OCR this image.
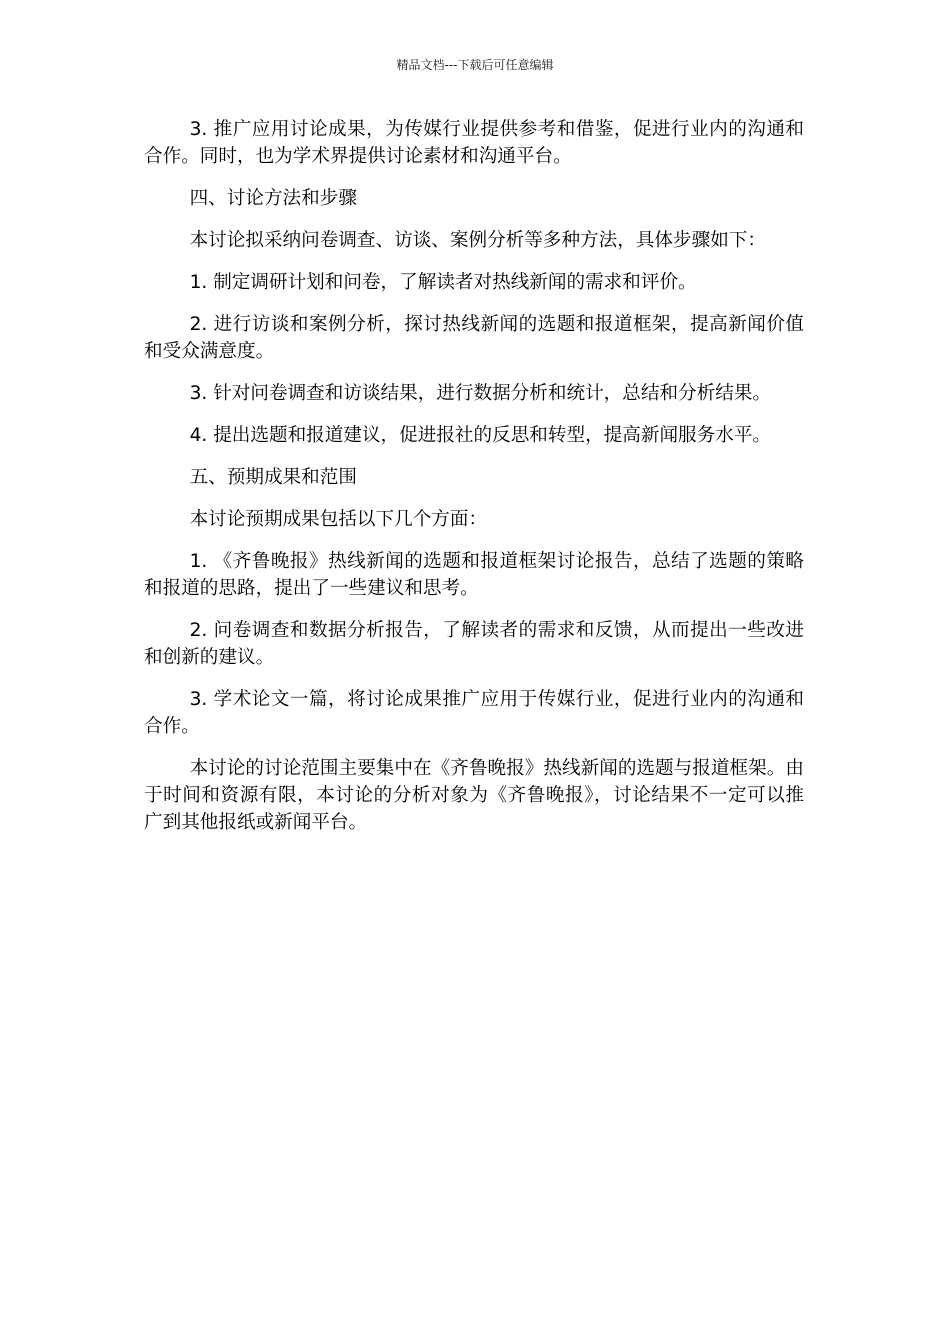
精品文档---下载后可任意编辑

3. 推广应用讨论成果，为传媒行业提供参考和借鉴，促进行业内的沟通和合作。同时，也为学术界提供讨论素材和沟通平台。

四、讨论方法和步骤

本讨论拟采纳问卷调查、访谈、案例分析等多种方法，具体步骤如下：

1. 制定调研计划和问卷，了解读者对热线新闻的需求和评价。

2. 进行访谈和案例分析，探讨热线新闻的选题和报道框架，提高新闻价值和受众满意度。

3. 针对问卷调查和访谈结果，进行数据分析和统计，总结和分析结果。

4. 提出选题和报道建议，促进报社的反思和转型，提高新闻服务水平。

五、预期成果和范围

本讨论预期成果包括以下几个方面：

1. 《齐鲁晚报》热线新闻的选题和报道框架讨论报告，总结了选题的策略和报道的思路，提出了一些建议和思考。

2. 问卷调查和数据分析报告，了解读者的需求和反馈，从而提出一些改进和创新的建议。

3. 学术论文一篇，将讨论成果推广应用于传媒行业，促进行业内的沟通和合作。

本讨论的讨论范围主要集中在《齐鲁晚报》热线新闻的选题与报道框架。由于时间和资源有限，本讨论的分析对象为《齐鲁晚报》，讨论结果不一定可以推广到其他报纸或新闻平台。
